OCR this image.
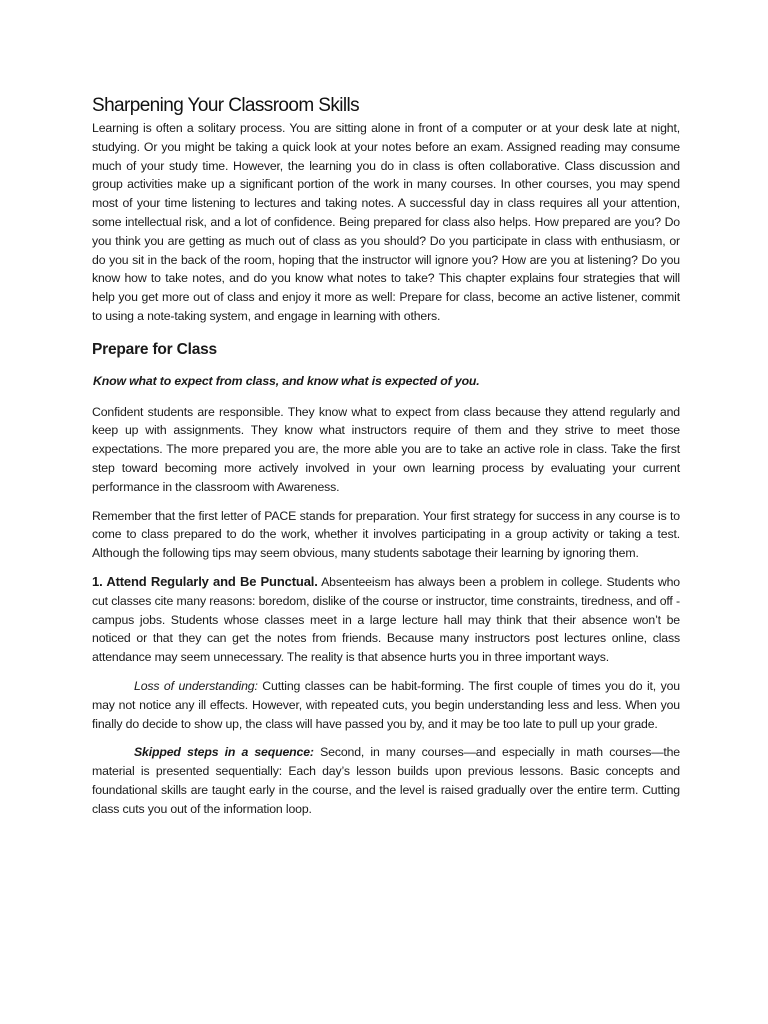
Sharpening Your Classroom Skills

Learning is often a solitary process. You are sitting alone in front of a computer or at your desk late at night, studying. Or you might be taking a quick look at your notes before an exam. Assigned reading may consume much of your study time. However, the learning you do in class is often collaborative. Class discussion and group activities make up a significant portion of the work in many courses. In other courses, you may spend most of your time listening to lectures and taking notes. A successful day in class requires all your attention, some intellectual risk, and a lot of confidence. Being prepared for class also helps. How prepared are you? Do you think you are getting as much out of class as you should? Do you participate in class with enthusiasm, or do you sit in the back of the room, hoping that the instructor will ignore you? How are you at listening? Do you know how to take notes, and do you know what notes to take? This chapter explains four strategies that will help you get more out of class and enjoy it more as well: Prepare for class, become an active listener, commit to using a note-taking system, and engage in learning with others.

Prepare for Class

Know what to expect from class, and know what is expected of you.

Confident students are responsible. They know what to expect from class because they attend regularly and keep up with assignments. They know what instructors require of them and they strive to meet those expectations. The more prepared you are, the more able you are to take an active role in class. Take the first step toward becoming more actively involved in your own learning process by evaluating your current performance in the classroom with Awareness.

Remember that the first letter of PACE stands for preparation. Your first strategy for success in any course is to come to class prepared to do the work, whether it involves participating in a group activity or taking a test. Although the following tips may seem obvious, many students sabotage their learning by ignoring them.

1. Attend Regularly and Be Punctual. Absenteeism has always been a problem in college. Students who cut classes cite many reasons: boredom, dislike of the course or instructor, time constraints, tiredness, and off -campus jobs. Students whose classes meet in a large lecture hall may think that their absence won’t be noticed or that they can get the notes from friends. Because many instructors post lectures online, class attendance may seem unnecessary. The reality is that absence hurts you in three important ways.

Loss of understanding: Cutting classes can be habit-forming. The first couple of times you do it, you may not notice any ill effects. However, with repeated cuts, you begin understanding less and less. When you finally do decide to show up, the class will have passed you by, and it may be too late to pull up your grade.

Skipped steps in a sequence: Second, in many courses—and especially in math courses—the material is presented sequentially: Each day’s lesson builds upon previous lessons. Basic concepts and foundational skills are taught early in the course, and the level is raised gradually over the entire term. Cutting class cuts you out of the information loop.
